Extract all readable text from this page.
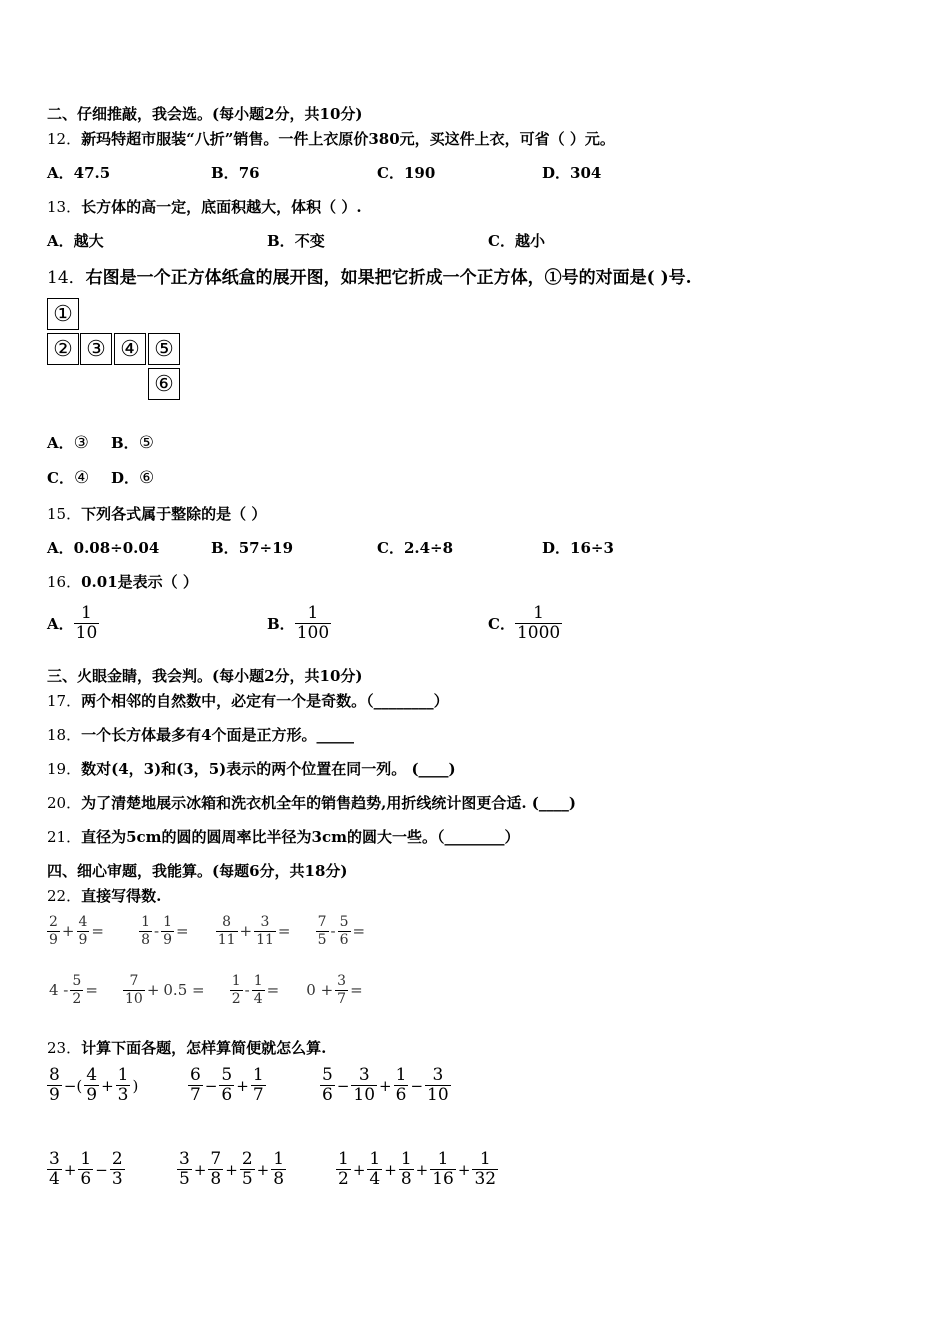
二、仔细推敲，我会选。(每小题2分，共10分)
12．新玛特超市服装“八折”销售。一件上衣原价380元，买这件上衣，可省（ ）元。
A．47.5	B．76	C．190	D．304
13．长方体的高一定，底面积越大，体积（ ）.
A．越大	B．不变	C．越小
14．右图是一个正方体纸盒的展开图，如果把它折成一个正方体，①号的对面是( )号.
①
② ③ ④ ⑤
⑥
A．③ B．⑤
C．④ D．⑥
15．下列各式属于整除的是（ ）
A．0.08÷0.04	B．57÷19	C．2.4÷8	D．16÷3
16．0.01是表示（ ）
A． $\frac{1}{10}$	B． $\frac{1}{100}$	C． $\frac{1}{1000}$
三、火眼金睛，我会判。(每小题2分，共10分)
17．两个相邻的自然数中，必定有一个是奇数。（________）
18．一个长方体最多有4个面是正方形。_____
19．数对(4，3)和(3，5)表示的两个位置在同一列。 (____)
20．为了清楚地展示冰箱和洗衣机全年的销售趋势,用折线统计图更合适. (____)
21．直径为5cm的圆的圆周率比半径为3cm的圆大一些。（________）
四、细心审题，我能算。(每题6分，共18分)
22．直接写得数.
$\frac{2}{9} + \frac{4}{9}$ =	$\frac{1}{8} - \frac{1}{9} = \frac{8}{11} + \frac{3}{11} = \frac{7}{5} - \frac{5}{6}$ =
$4 - \frac{5}{2} = \frac{7}{10} + 0.5 = \frac{1}{2} - \frac{1}{4} = 0 + \frac{3}{7}$ =
23．计算下面各题，怎样算简便就怎么算.
$\frac{8}{9}$ −( $\frac{4}{9} + \frac{1}{3}$ )	$\frac{6}{7} - \frac{5}{6} + \frac{1}{7}$	$\frac{5}{6} - \frac{3}{10} + \frac{1}{6} - \frac{3}{10}$
$\frac{3}{4} + \frac{1}{6} - \frac{2}{3}$	$\frac{3}{5} + \frac{7}{8} + \frac{2}{5} + \frac{1}{8}$	$\frac{1}{2} + \frac{1}{4} + \frac{1}{8} + \frac{1}{16} + \frac{1}{32}$
